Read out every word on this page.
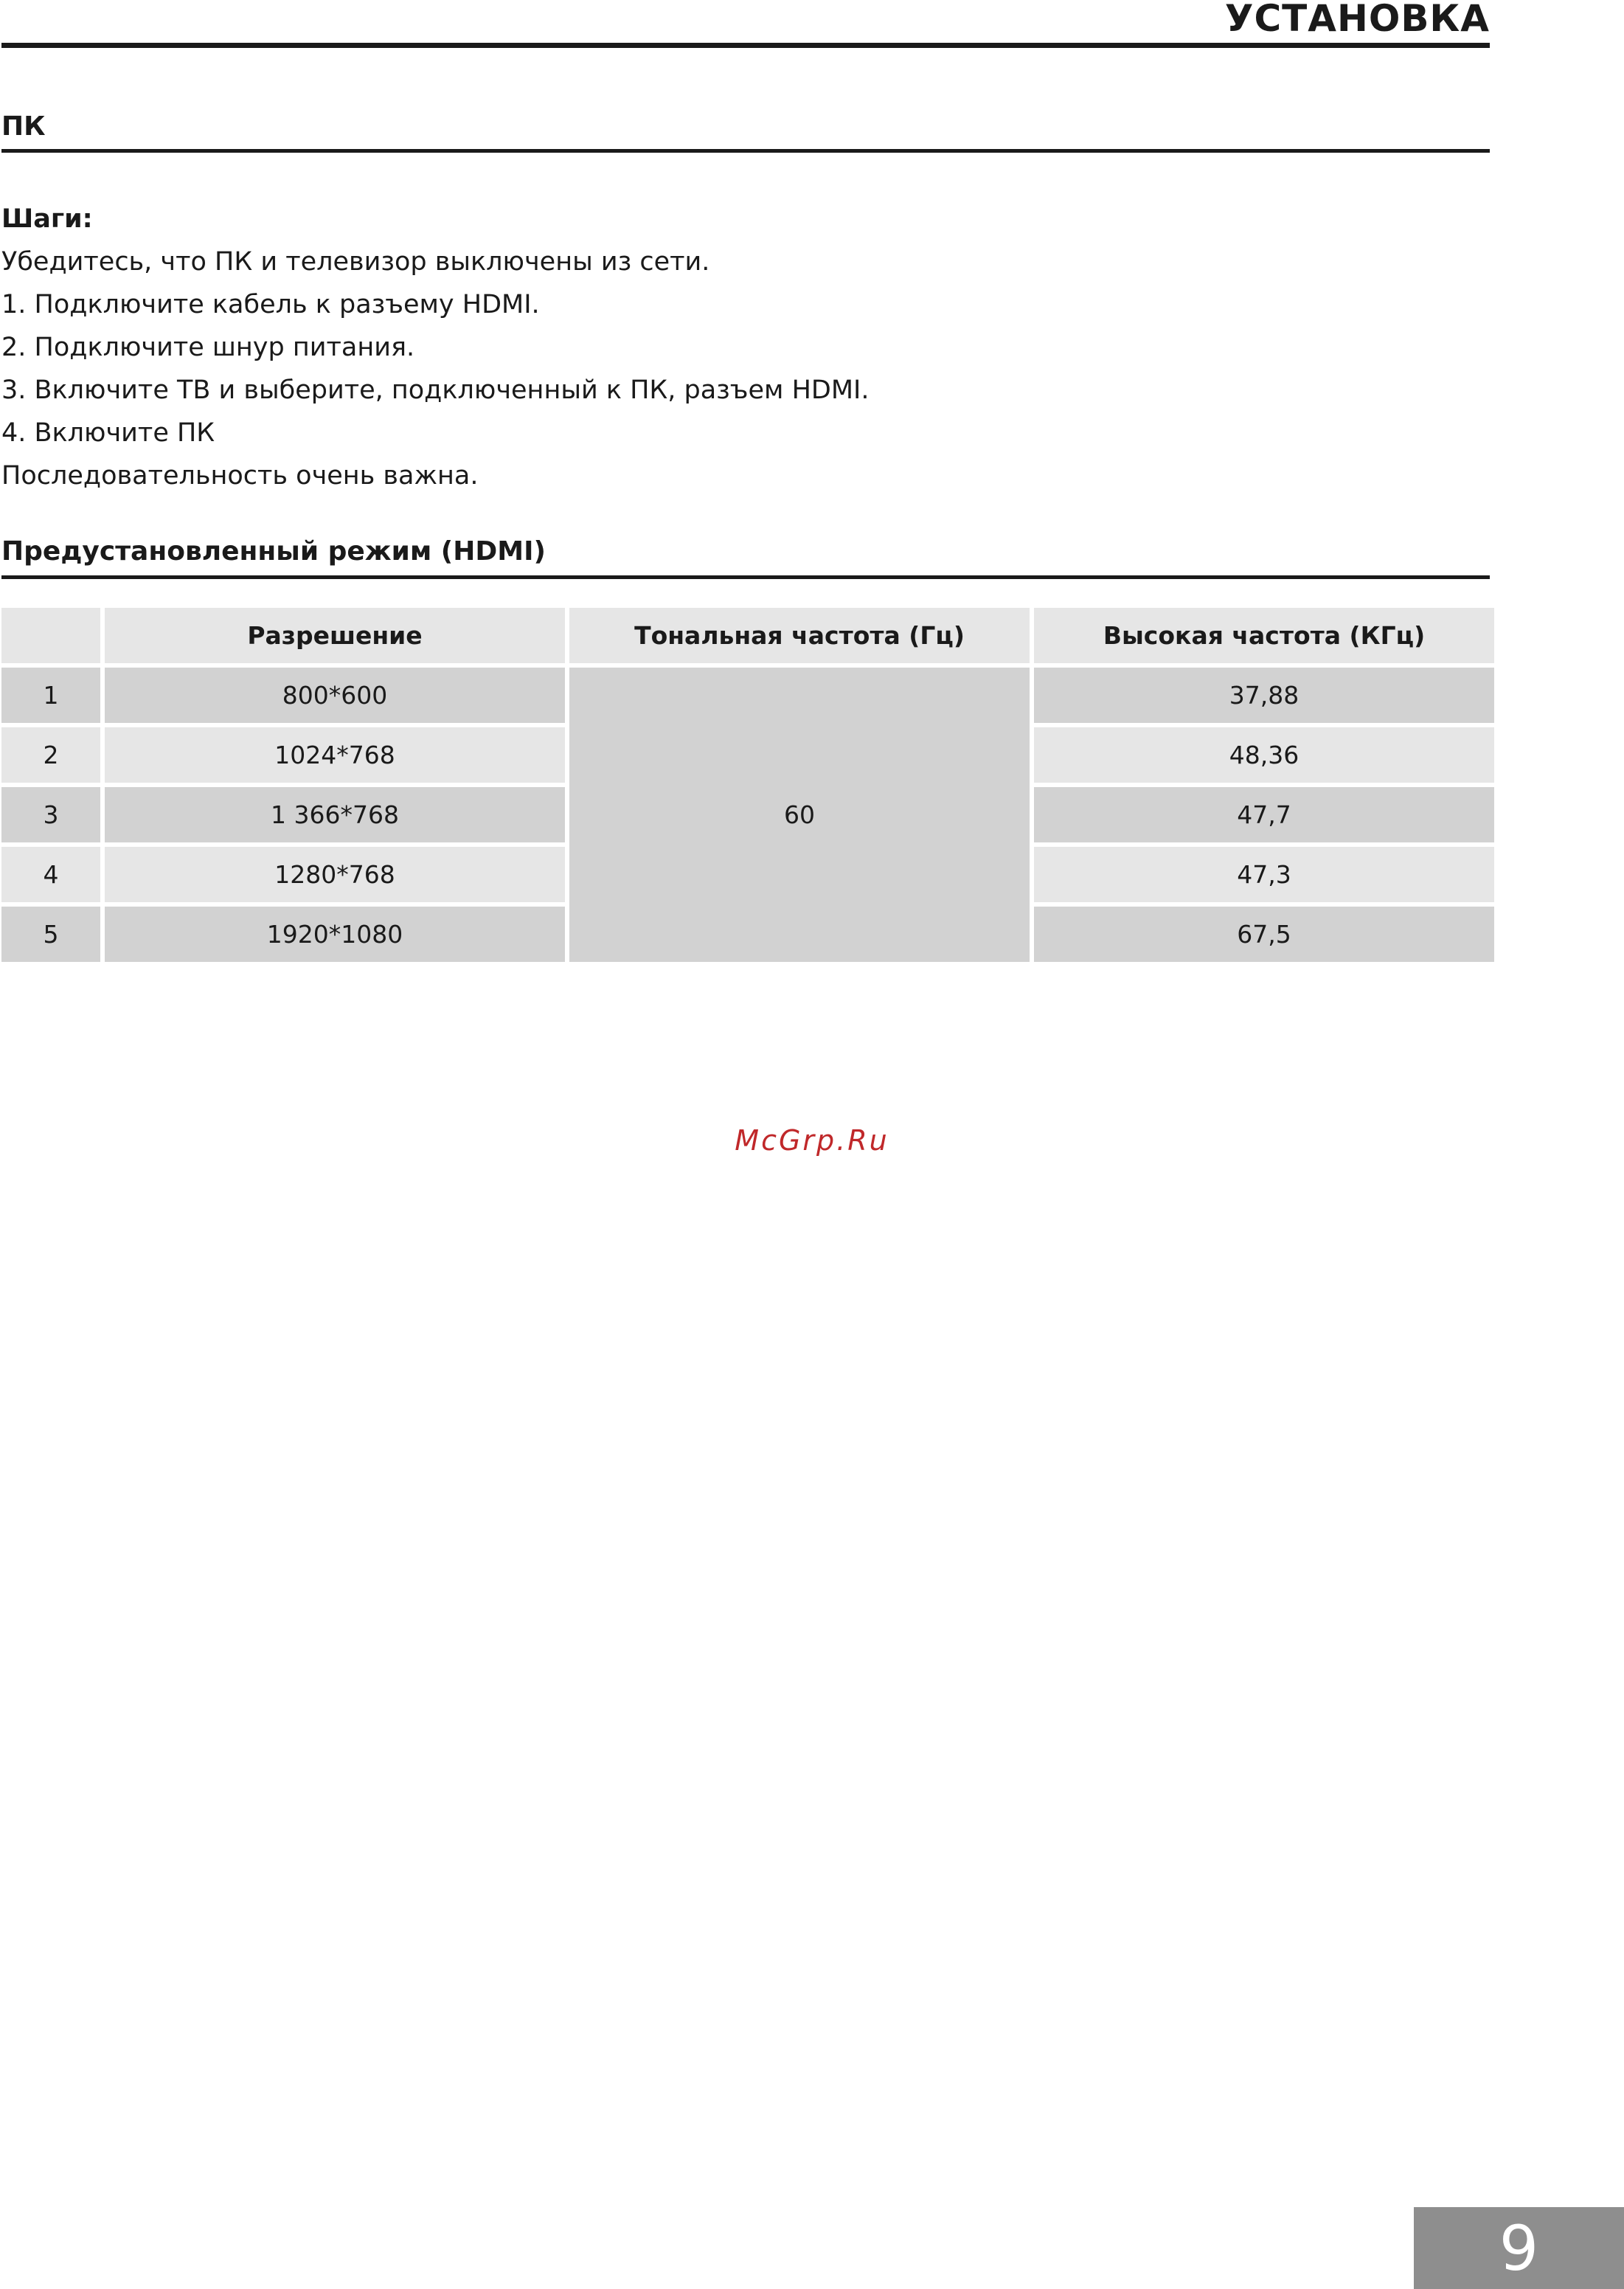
УСТАНОВКА
ПК
Шаги:
Убедитесь, что ПК и телевизор выключены из сети.
1. Подключите кабель к разъему HDMI.
2. Подключите шнур питания.
3. Включите ТВ и выберите, подключенный к ПК, разъем HDMI.
4. Включите ПК
Последовательность очень важна.
Предустановленный режим (HDMI)
	Разрешение	Тональная частота (Гц)	Высокая частота (КГц)
1	800*600	60	37,88
2	1024*768		48,36
3	1 366*768		47,7
4	1280*768		47,3
5	1920*1080		67,5
McGrp.Ru
9
